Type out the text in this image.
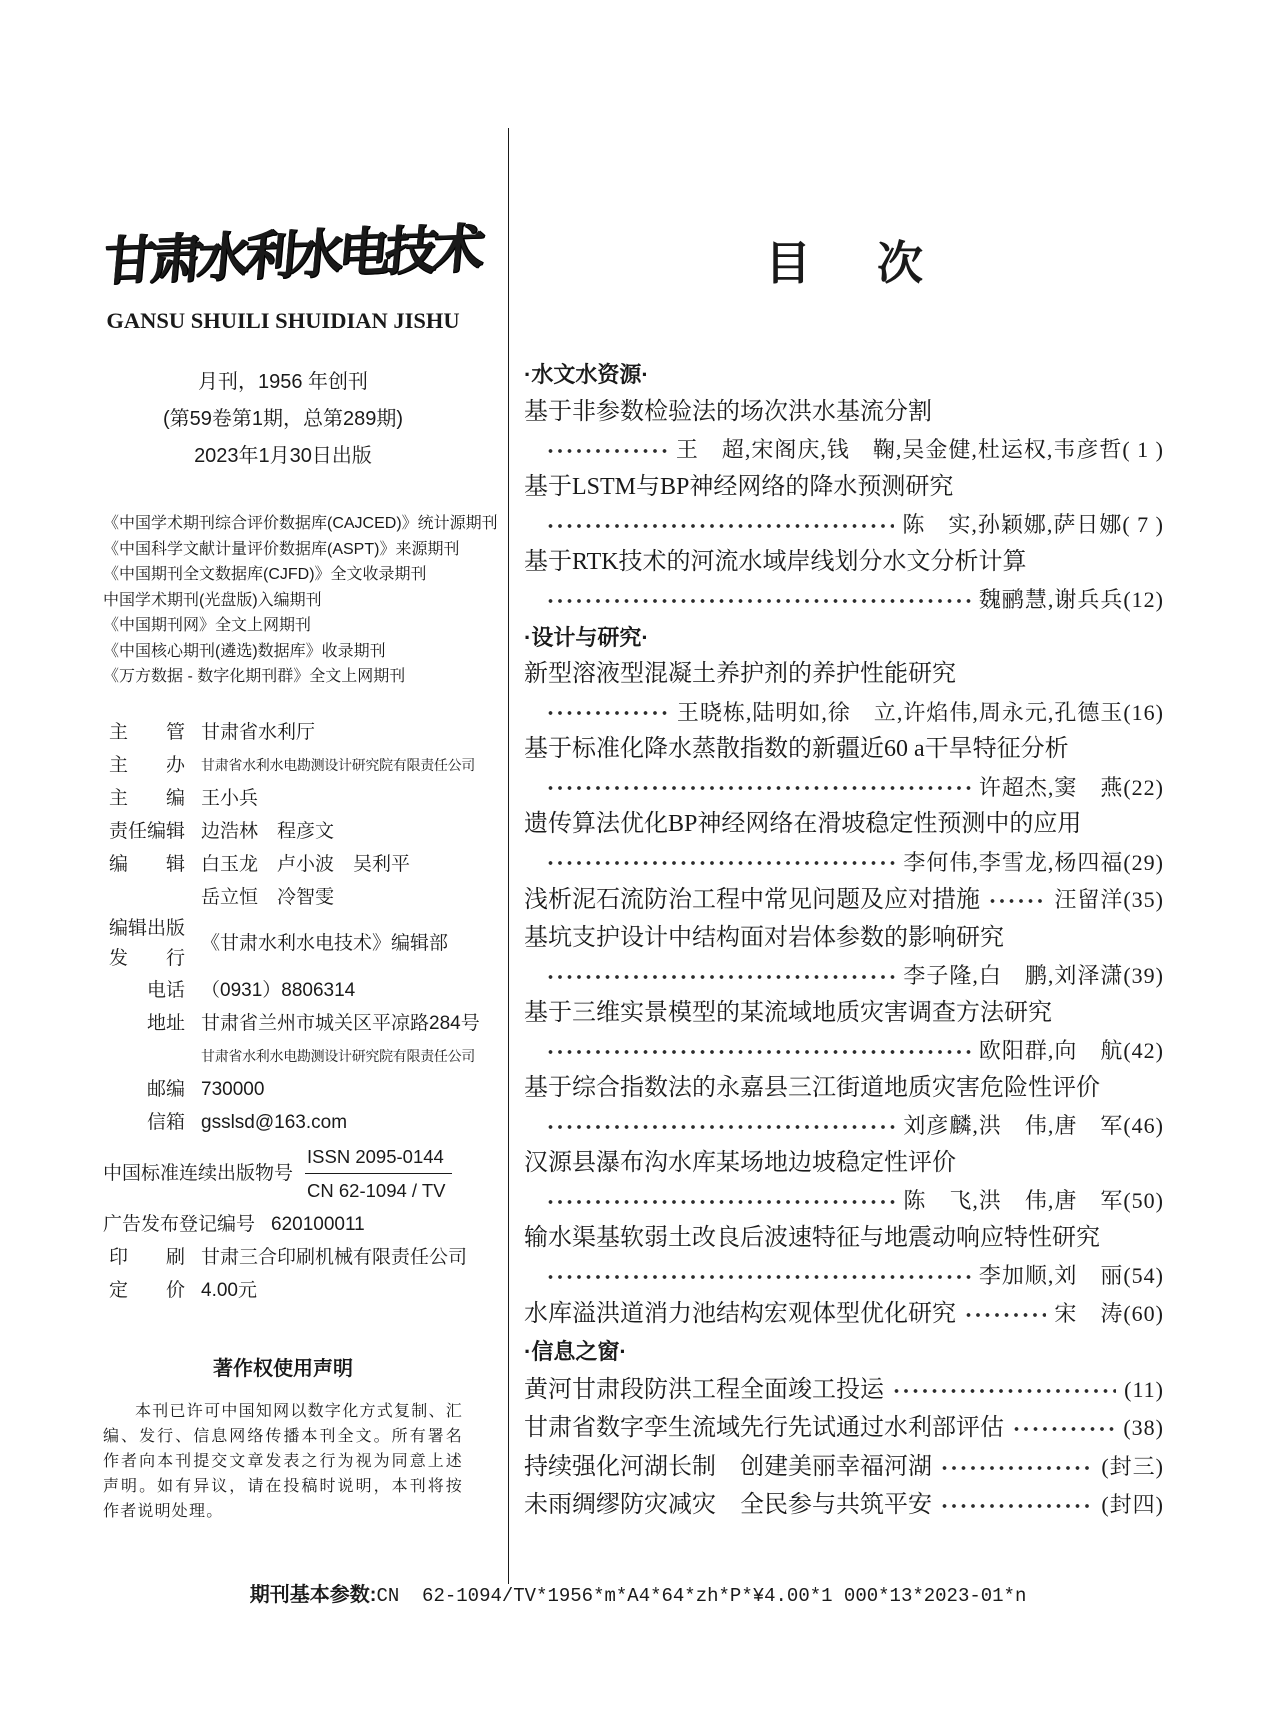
甘肃水利水电技术
GANSU SHUILI SHUIDIAN JISHU
月刊，1956 年创刊
(第59卷第1期，总第289期)
2023年1月30日出版
《中国学术期刊综合评价数据库(CAJCED)》统计源期刊
《中国科学文献计量评价数据库(ASPT)》来源期刊
《中国期刊全文数据库(CJFD)》全文收录期刊
中国学术期刊(光盘版)入编期刊
《中国期刊网》全文上网期刊
《中国核心期刊(遴选)数据库》收录期刊
《万方数据 - 数字化期刊群》全文上网期刊
主　　管 甘肃省水利厅
主　　办 甘肃省水利水电勘测设计研究院有限责任公司
主　　编 王小兵
责任编辑 边浩林　程彦文
编　　辑 白玉龙　卢小波　吴利平
岳立恒　冷智雯
编辑出版
发　　行
《甘肃水利水电技术》编辑部
电话 （0931）8806314
地址 甘肃省兰州市城关区平凉路284号
甘肃省水利水电勘测设计研究院有限责任公司
邮编 730000
信箱 gsslsd@163.com
中国标准连续出版物号 $\frac{\text{ISSN 2095-0144}}{CN 62-1094 / TV}$
广告发布登记编号 620100011
印　　刷 甘肃三合印刷机械有限责任公司
定　　价 4.00元
著作权使用声明

本刊已许可中国知网以数字化方式复制、汇编、发行、信息网络传播本刊全文。所有署名作者向本刊提交文章发表之行为视为同意上述声明。如有异议，请在投稿时说明，本刊将按作者说明处理。

目　次
·水文水资源·
基于非参数检验法的场次洪水基流分割
王　超,宋阁庆,钱　鞠,吴金健,杜运权,韦彦哲 ( 1 )
基于LSTM与BP神经网络的降水预测研究
陈　实,孙颖娜,萨日娜 ( 7 )
基于RTK技术的河流水域岸线划分水文分析计算
魏鹂慧,谢兵兵 (12)
·设计与研究·
新型溶液型混凝土养护剂的养护性能研究
王晓栋,陆明如,徐　立,许焰伟,周永元,孔德玉 (16)
基于标准化降水蒸散指数的新疆近60 a干旱特征分析
许超杰,窦　燕 (22)
遗传算法优化BP神经网络在滑坡稳定性预测中的应用
李何伟,李雪龙,杨四福 (29)
浅析泥石流防治工程中常见问题及应对措施	汪留洋 (35)
基坑支护设计中结构面对岩体参数的影响研究
李子隆,白　鹏,刘泽潇 (39)
基于三维实景模型的某流域地质灾害调查方法研究
欧阳群,向　航 (42)
基于综合指数法的永嘉县三江街道地质灾害危险性评价
刘彦麟,洪　伟,唐　军 (46)
汉源县瀑布沟水库某场地边坡稳定性评价
陈　飞,洪　伟,唐　军 (50)
输水渠基软弱土改良后波速特征与地震动响应特性研究
李加顺,刘　丽 (54)
水库溢洪道消力池结构宏观体型优化研究	宋　涛 (60)
·信息之窗·
黄河甘肃段防洪工程全面竣工投运	(11)
甘肃省数字孪生流域先行先试通过水利部评估	(38)
持续强化河湖长制　创建美丽幸福河湖	(封三)
未雨绸缪防灾减灾　全民参与共筑平安	(封四)

期刊基本参数:CN  62-1094/TV*1956*m*A4*64*zh*P*¥4.00*1 000*13*2023-01*n
